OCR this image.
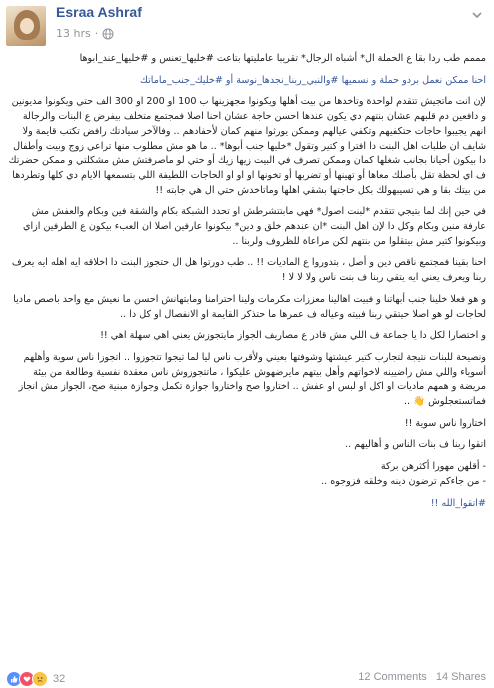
Esraa Ashraf
13 hrs ·

مممم طب ردا بقا ع الحملة ال* أشباه الرجال* تقريبا عامليتها بتاعت #خليها_تعنس و #خليها_عند_ابوها

احنا ممكن نعمل بردو حملة و نسميها #والنبي_ربنا_نجدها_نوسة أو #خليك_جنب_ماماتك

لإن انت ماتجيش تتقدم لواحدة وتاخدها من بيت أهلها ويكونوا مجهزينها ب 100 او 200 او 300 الف حتي ويكونوا مديونين و دافعين دم قلبهم عشان بنتهم دي يكون عندها احسن حاجة عشان احنا اصلا فمجتمع متخلف بيفرض ع البنات والرجالة انهم يجيبوا حاجات حتكفيهم وتكفي عيالهم وممكن يورثوا منهم كمان لأحفادهم .. وفالآخر سيادتك رافض تكتب قايمة ولا شايف ان طلبات اهل البنت دا افترا و كتير وتقول *خليها جنب أبوها* .. ما هو مش مطلوب منها تراعي زوج وبيت وأطفال دا بيكون أحيانا بجانب شغلها كمان وممكن تصرف في البيت زيها زيك أو حتي لو ماصرفتش مش مشكلتي و ممكن حضرتك ف اي لحظة تقل بأصلك معاها أو تهينها أو تضربها أو تخونها او او او الحاجات اللطيفة اللي بتسمعها الايام دي كلها وتطردها من بيتك بقا و هي تسيبهولك بكل حاجتها بشقي اهلها وماتاخدش حتي ال هي جابته !!

في حين إنك لما بتيجي تتقدم *لبنت اصول* فهي مابتتشرطش او تحدد الشبكة بكام والشقة فين وبكام والعفش مش عارفة منين وبكام وكل دا لإن اهل البنت *ان عندهم خلق و دين* بيكونوا عارفين اصلا ان العبء بيكون ع الطرفين ازاي وبيكونوا كتير مش بيتقلوا من بنتهم لكن مراعاة للظروف ولربنا ..

احنا بقينا فمجتمع ناقص دين و أصل ، بتدوروا ع الماديات !! .. طب دورتوا هل ال حتجوز البنت دا اخلاقه ايه اهله ايه يعرف ربنا ويعرف يعني ايه يتقي ربنا ف بنت ناس ولا لا لا !

و هو فعلا خلينا جنب أبهاتنا و فبيت اهالينا معززات مكرمات ولينا احترامنا ومابتهانش احسن ما نعيش مع واحد باصص ماديا لحاجات لو هو اصلا حيتقي ربنا فبيته وعياله ف عمرها ما حتذكر القايمة او الانفصال او كل دا ..

و اختصارا لكل دا يا جماعة ف اللي مش قادر ع مصاريف الجواز مايتجوزش يعني اهي سهلة اهي !!

ونصيحة للبنات نتيجة لتجارب كتير عيشتها وشوفتها بعيني ولأقرب ناس ليا لما تيجوا تتجوزوا .. اتجوزا ناس سوية وأهلهم أسوياء واللي مش راضيينه لاخواتهم وأهل بيتهم مايرضهوش عليكوا ، ماتتجوزوش ناس معقدة نفسية وطالعة من بيئة مريضة و همهم ماديات او اكل او لبس او عفش .. اختاروا صح واختاروا جوازة تكمل وجوازة مبنية صح، الجواز مش انجاز فماتستعجلوش 👋 ..

اختاروا ناس سوية !!

اتقوا ربنا ف بنات الناس و أهاليهم ..

- أقلهن مهورا أكثرهن بركة

- من جاءكم ترضون دينه وخلقه فزوجوه ..

#اتقوا_الله !!

32	12 Comments 14 Shares
